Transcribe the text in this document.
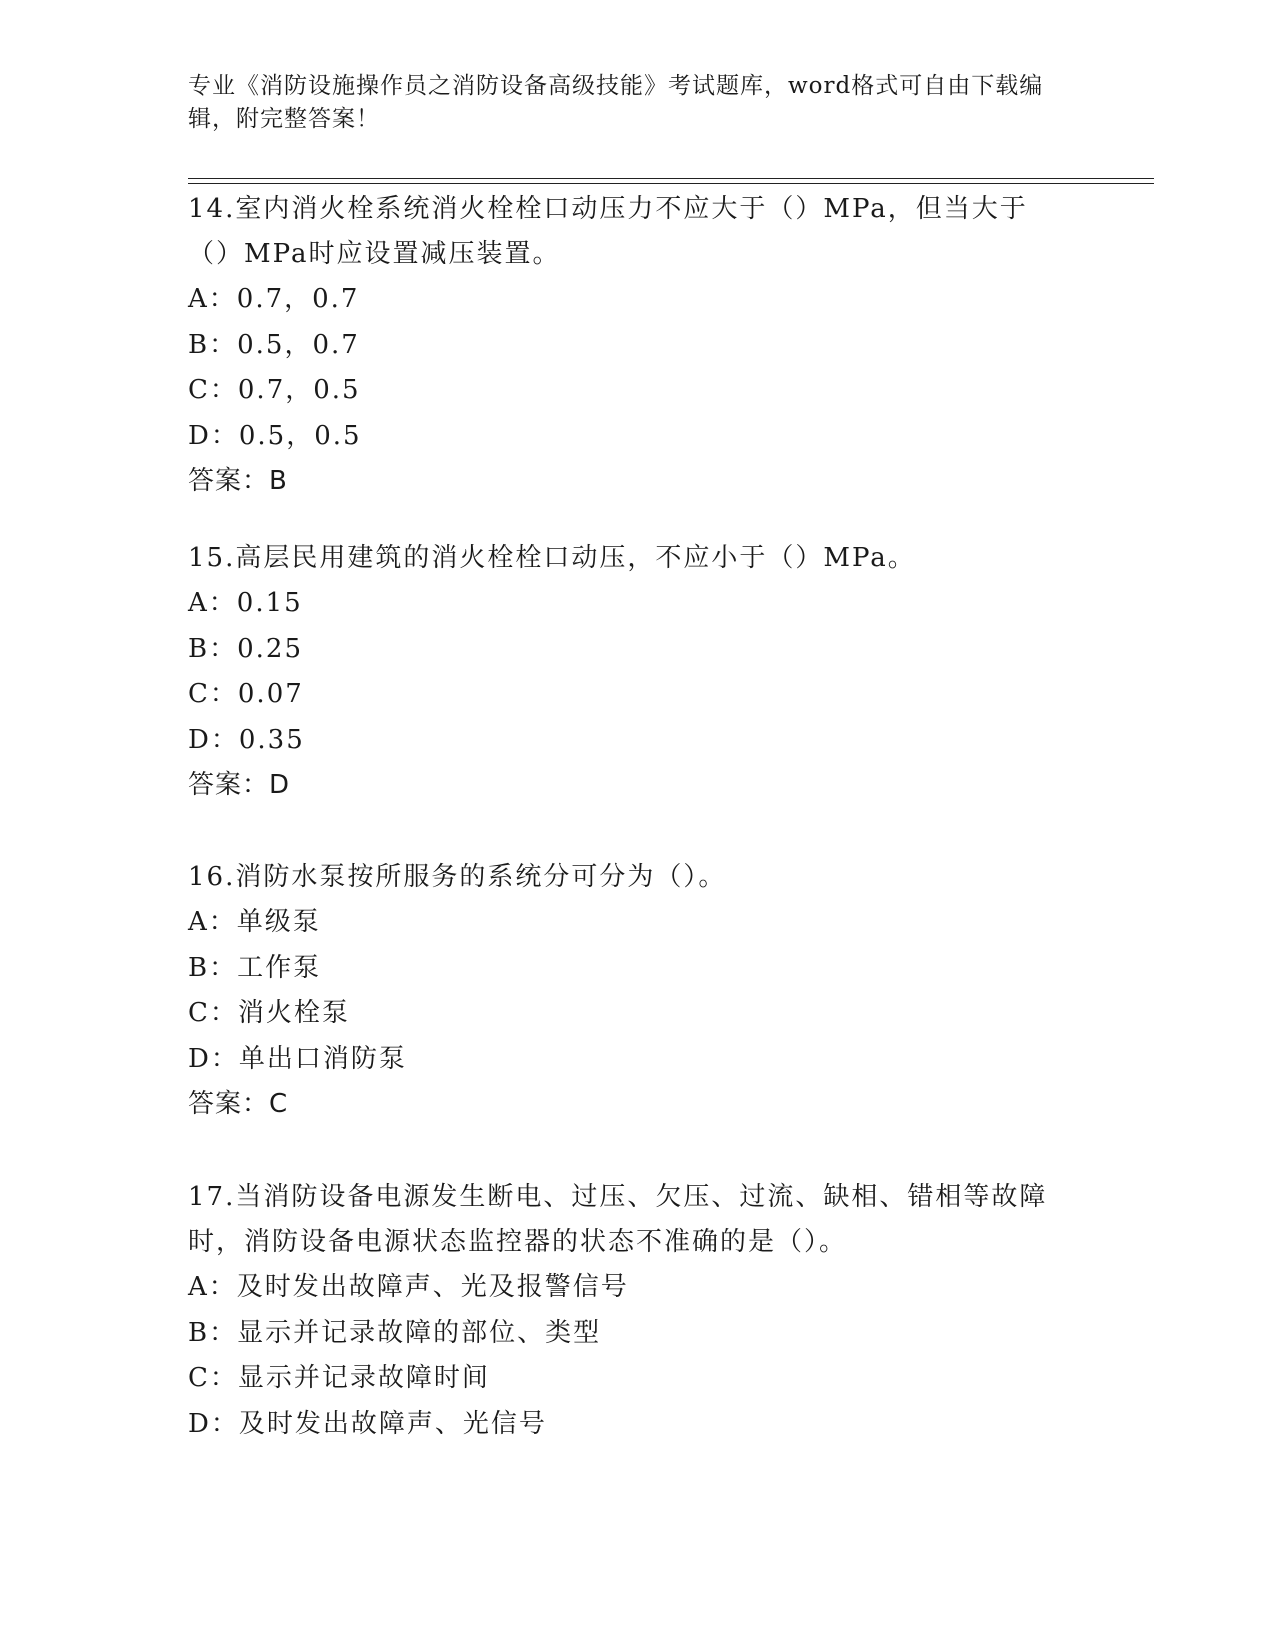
专业《消防设施操作员之消防设备高级技能》考试题库，word格式可自由下载编辑，附完整答案！
14.室内消火栓系统消火栓栓口动压力不应大于（）MPa，但当大于（）MPa时应设置减压装置。
A：0.7，0.7
B：0.5，0.7
C：0.7，0.5
D：0.5，0.5
答案：B
15.高层民用建筑的消火栓栓口动压，不应小于（）MPa。
A：0.15
B：0.25
C：0.07
D：0.35
答案：D
16.消防水泵按所服务的系统分可分为（）。
A：单级泵
B：工作泵
C：消火栓泵
D：单出口消防泵
答案：C
17.当消防设备电源发生断电、过压、欠压、过流、缺相、错相等故障时，消防设备电源状态监控器的状态不准确的是（）。
A：及时发出故障声、光及报警信号
B：显示并记录故障的部位、类型
C：显示并记录故障时间
D：及时发出故障声、光信号
